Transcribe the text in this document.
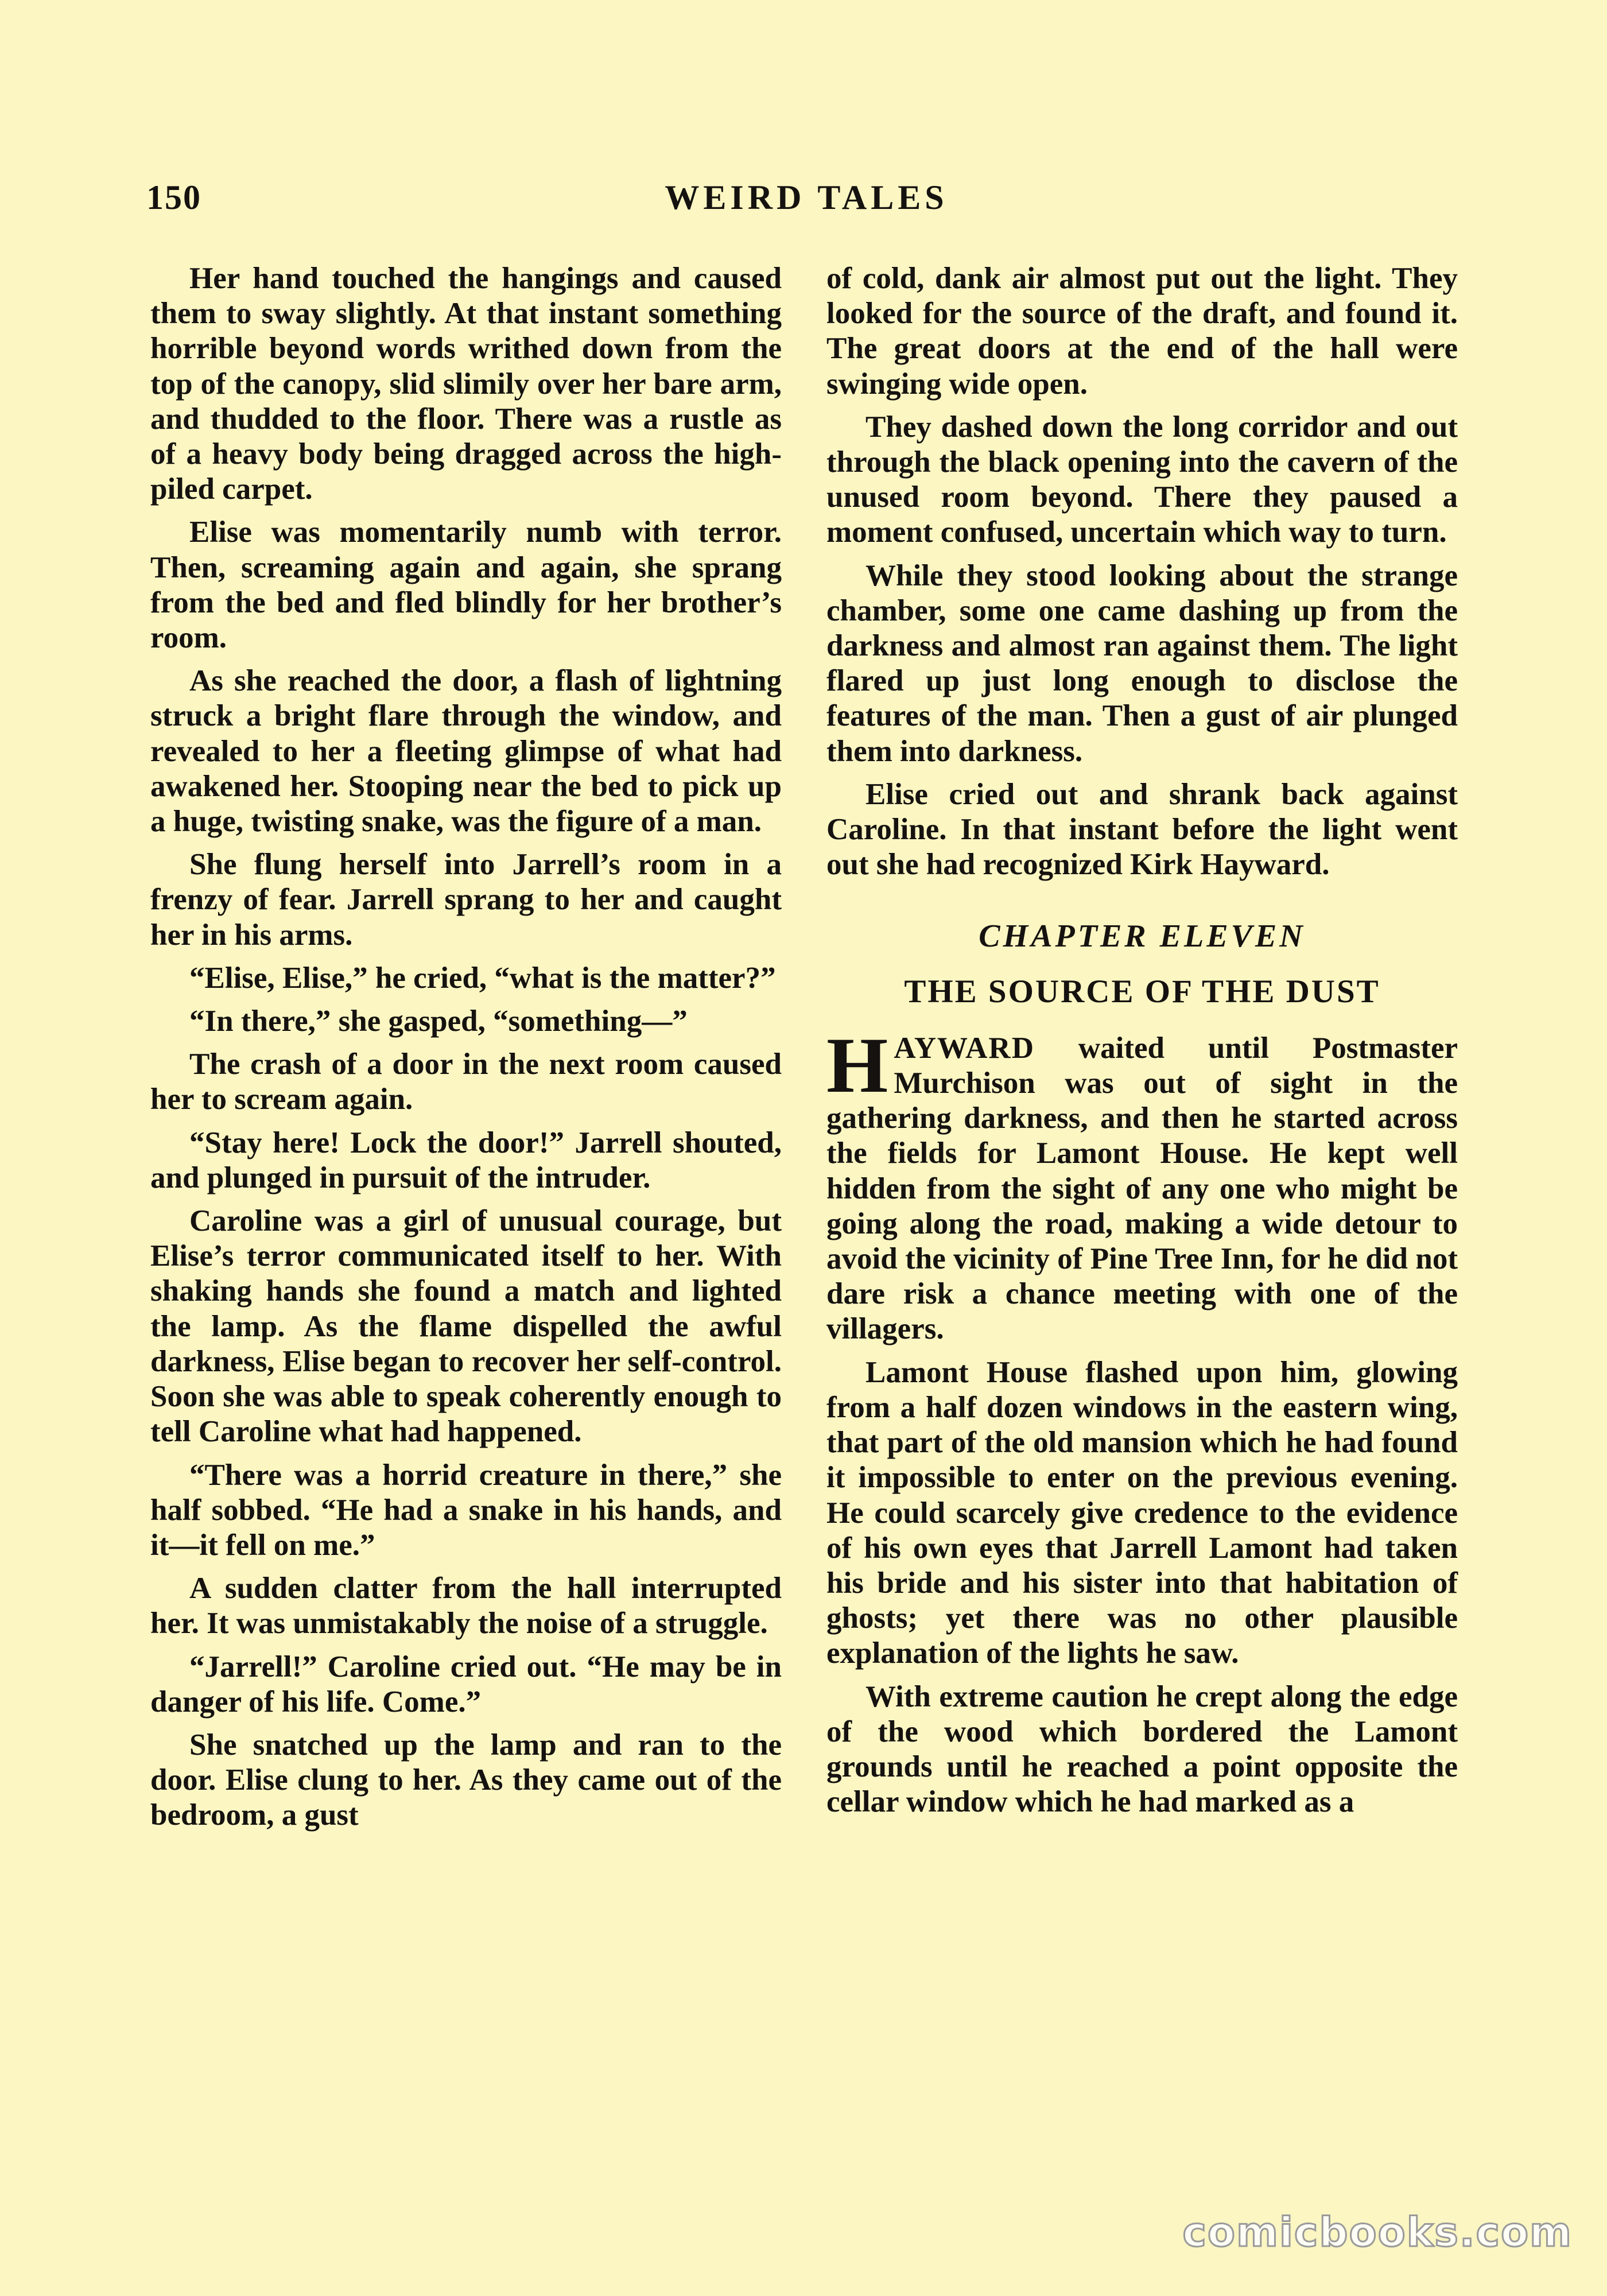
150	WEIRD TALES

Her hand touched the hangings and caused them to sway slightly. At that instant something horrible beyond words writhed down from the top of the canopy, slid slimily over her bare arm, and thudded to the floor. There was a rustle as of a heavy body being dragged across the high-piled carpet.

Elise was momentarily numb with terror. Then, screaming again and again, she sprang from the bed and fled blindly for her brother’s room.

As she reached the door, a flash of lightning struck a bright flare through the window, and revealed to her a fleeting glimpse of what had awakened her. Stooping near the bed to pick up a huge, twisting snake, was the figure of a man.

She flung herself into Jarrell’s room in a frenzy of fear. Jarrell sprang to her and caught her in his arms.

“Elise, Elise,” he cried, “what is the matter?”

“In there,” she gasped, “something—”

The crash of a door in the next room caused her to scream again.

“Stay here! Lock the door!” Jarrell shouted, and plunged in pursuit of the intruder.

Caroline was a girl of unusual courage, but Elise’s terror communicated itself to her. With shaking hands she found a match and lighted the lamp. As the flame dispelled the awful darkness, Elise began to recover her self-control. Soon she was able to speak coherently enough to tell Caroline what had happened.

“There was a horrid creature in there,” she half sobbed. “He had a snake in his hands, and it—it fell on me.”

A sudden clatter from the hall interrupted her. It was unmistakably the noise of a struggle.

“Jarrell!” Caroline cried out. “He may be in danger of his life. Come.”

She snatched up the lamp and ran to the door. Elise clung to her. As they came out of the bedroom, a gust

of cold, dank air almost put out the light. They looked for the source of the draft, and found it. The great doors at the end of the hall were swinging wide open.

They dashed down the long corridor and out through the black opening into the cavern of the unused room beyond. There they paused a moment confused, uncertain which way to turn.

While they stood looking about the strange chamber, some one came dashing up from the darkness and almost ran against them. The light flared up just long enough to disclose the features of the man. Then a gust of air plunged them into darkness.

Elise cried out and shrank back against Caroline. In that instant before the light went out she had recognized Kirk Hayward.

CHAPTER ELEVEN
THE SOURCE OF THE DUST

HAYWARD waited until Postmaster Murchison was out of sight in the gathering darkness, and then he started across the fields for Lamont House. He kept well hidden from the sight of any one who might be going along the road, making a wide detour to avoid the vicinity of Pine Tree Inn, for he did not dare risk a chance meeting with one of the villagers.

Lamont House flashed upon him, glowing from a half dozen windows in the eastern wing, that part of the old mansion which he had found it impossible to enter on the previous evening. He could scarcely give credence to the evidence of his own eyes that Jarrell Lamont had taken his bride and his sister into that habitation of ghosts; yet there was no other plausible explanation of the lights he saw.

With extreme caution he crept along the edge of the wood which bordered the Lamont grounds until he reached a point opposite the cellar window which he had marked as a

comicbooks.com
